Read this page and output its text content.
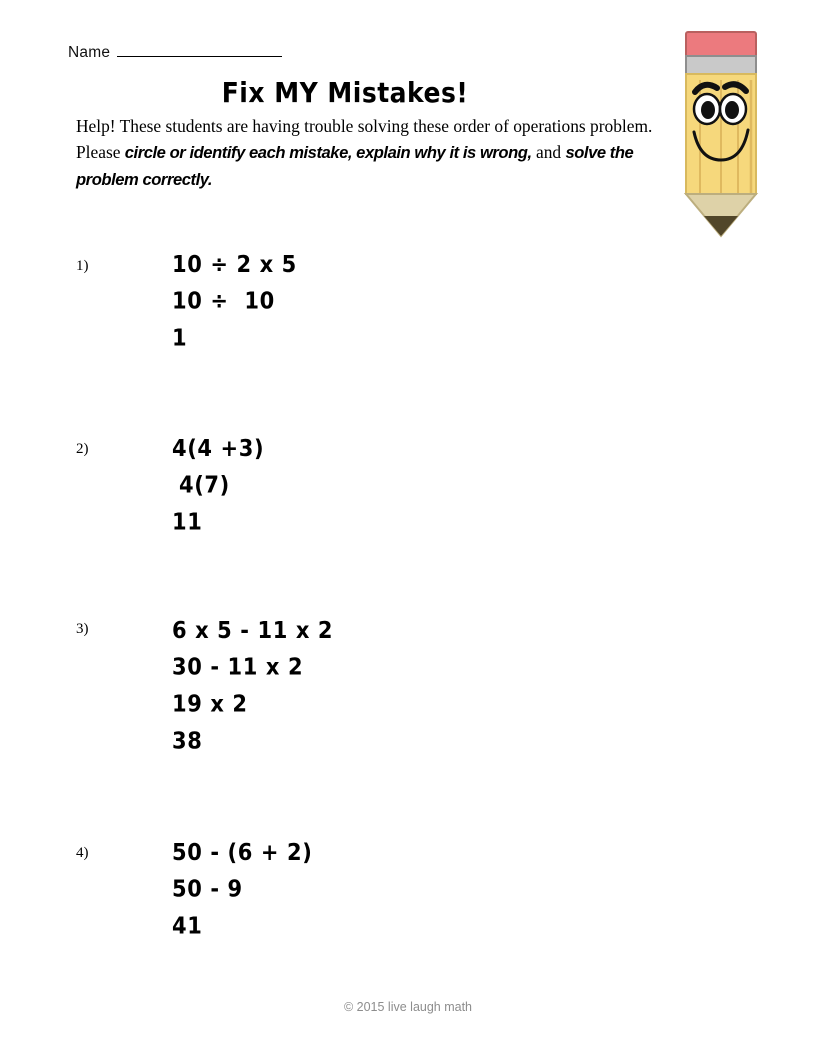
Name
Fix MY Mistakes!
Help! These students are having trouble solving these order of operations problem. Please circle or identify each mistake, explain why it is wrong, and solve the problem correctly.
1)	10 ÷ 2 x 5
10 ÷  10
1
2)	4(4 +3)
4(7)
11
3)	6 x 5 - 11 x 2
30 - 11 x 2
19 x 2
38
4)	50 - (6 + 2)
50 - 9
41
© 2015 live laugh math
